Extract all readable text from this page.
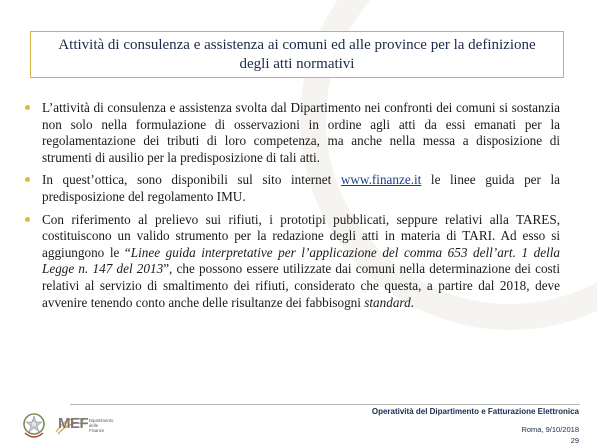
Attività di consulenza e assistenza ai comuni ed alle province per la definizione degli atti normativi
L’attività di consulenza e assistenza svolta dal Dipartimento nei confronti dei comuni si sostanzia non solo nella formulazione di osservazioni in ordine agli atti da essi emanati per la regolamentazione dei tributi di loro competenza, ma anche nella messa a disposizione di strumenti di ausilio per la predisposizione di tali atti.
In quest’ottica, sono disponibili sul sito internet www.finanze.it le linee guida per la predisposizione del regolamento IMU.
Con riferimento al prelievo sui rifiuti, i prototipi pubblicati, seppure relativi alla TARES, costituiscono un valido strumento per la redazione degli atti in materia di TARI. Ad esso si aggiungono le “Linee guida interpretative per l’applicazione del comma 653 dell’art. 1 della Legge n. 147 del 2013”, che possono essere utilizzate dai comuni nella determinazione dei costi relativi al servizio di smaltimento dei rifiuti, considerato che questa, a partire dal 2018, deve avvenire tenendo conto anche delle risultanze dei fabbisogni standard.
MEF Dipartimento
delle Finanze
Operatività del Dipartimento e Fatturazione Elettronica
Roma, 9/10/2018
29
